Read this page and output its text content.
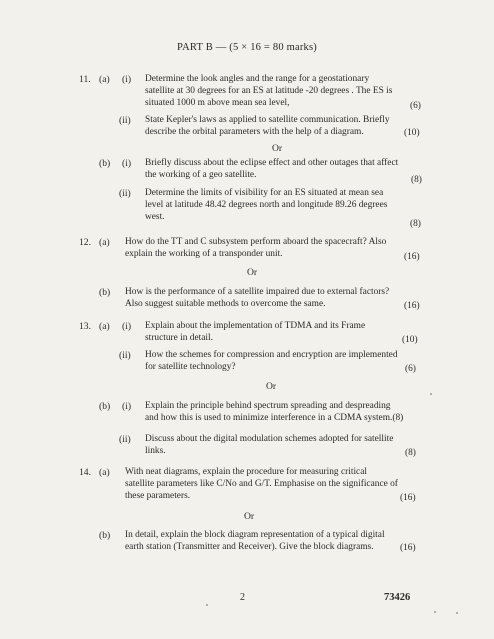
PART B — (5 × 16 = 80 marks)
11. (a) (i) Determine the look angles and the range for a geostationary
satellite at 30 degrees for an ES at latitude -20 degrees . The ES is
situated 1000 m above mean sea level,	(6)
(ii) State Kepler's laws as applied to satellite communication. Briefly
describe the orbital parameters with the help of a diagram.	(10)
Or
(b) (i) Briefly discuss about the eclipse effect and other outages that affect
the working of a geo satellite.	(8)
(ii) Determine the limits of visibility for an ES situated at mean sea
level at latitude 48.42 degrees north and longitude 89.26 degrees
west.
(8)
12. (a) How do the TT and C subsystem perform aboard the spacecraft? Also
explain the working of a transponder unit.	(16)
Or
(b) How is the performance of a satellite impaired due to external factors?
Also suggest suitable methods to overcome the same.	(16)
13. (a) (i) Explain about the implementation of TDMA and its Frame
structure in detail.	(10)
(ii) How the schemes for compression and encryption are implemented
for satellite technology?	(6)
Or
(b) (i) Explain the principle behind spectrum spreading and despreading
and how this is used to minimize interference in a CDMA system.(8)
(ii) Discuss about the digital modulation schemes adopted for satellite
links.	(8)
14. (a) With neat diagrams, explain the procedure for measuring critical
satellite parameters like C/No and G/T. Emphasise on the significance of
these parameters.	(16)
Or
(b) In detail, explain the block diagram representation of a typical digital
earth station (Transmitter and Receiver). Give the block diagrams.	(16)
2	73426
